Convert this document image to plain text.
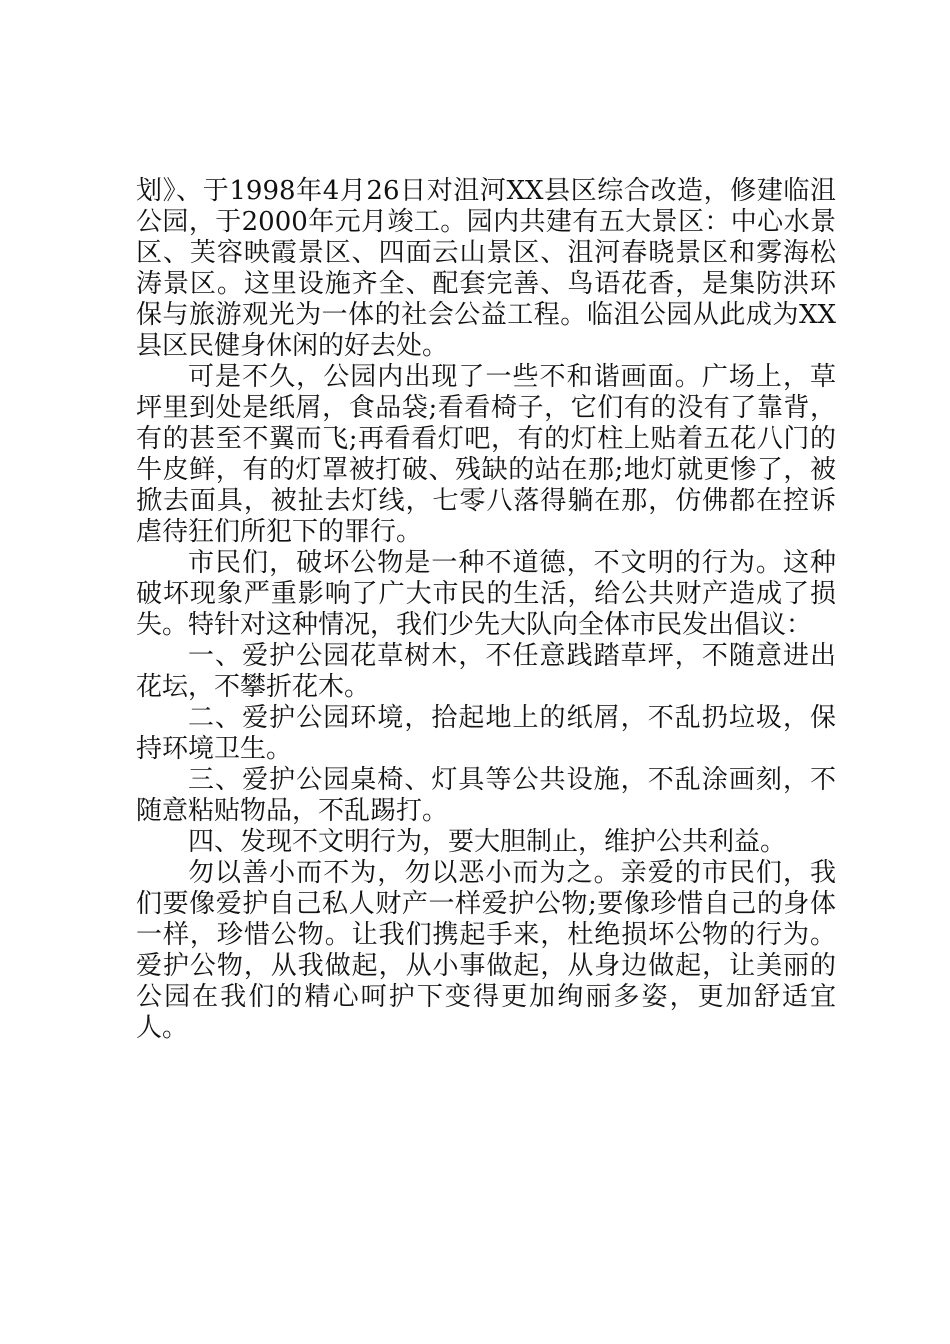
划》、于1998年4月26日对沮河XX县区综合改造，修建临沮公园，于2000年元月竣工。园内共建有五大景区：中心水景区、芙容映霞景区、四面云山景区、沮河春晓景区和雾海松涛景区。这里设施齐全、配套完善、鸟语花香，是集防洪环保与旅游观光为一体的社会公益工程。临沮公园从此成为XX县区民健身休闲的好去处。

可是不久，公园内出现了一些不和谐画面。广场上，草坪里到处是纸屑，食品袋;看看椅子，它们有的没有了靠背，有的甚至不翼而飞;再看看灯吧，有的灯柱上贴着五花八门的牛皮鲜，有的灯罩被打破、残缺的站在那;地灯就更惨了，被掀去面具，被扯去灯线，七零八落得躺在那，仿佛都在控诉虐待狂们所犯下的罪行。

市民们，破坏公物是一种不道德，不文明的行为。这种破坏现象严重影响了广大市民的生活，给公共财产造成了损失。特针对这种情况，我们少先大队向全体市民发出倡议：

一、爱护公园花草树木，不任意践踏草坪，不随意进出花坛，不攀折花木。

二、爱护公园环境，拾起地上的纸屑，不乱扔垃圾，保持环境卫生。

三、爱护公园桌椅、灯具等公共设施，不乱涂画刻，不随意粘贴物品，不乱踢打。

四、发现不文明行为，要大胆制止，维护公共利益。

勿以善小而不为，勿以恶小而为之。亲爱的市民们，我们要像爱护自己私人财产一样爱护公物;要像珍惜自己的身体一样，珍惜公物。让我们携起手来，杜绝损坏公物的行为。爱护公物，从我做起，从小事做起，从身边做起，让美丽的公园在我们的精心呵护下变得更加绚丽多姿，更加舒适宜人。
